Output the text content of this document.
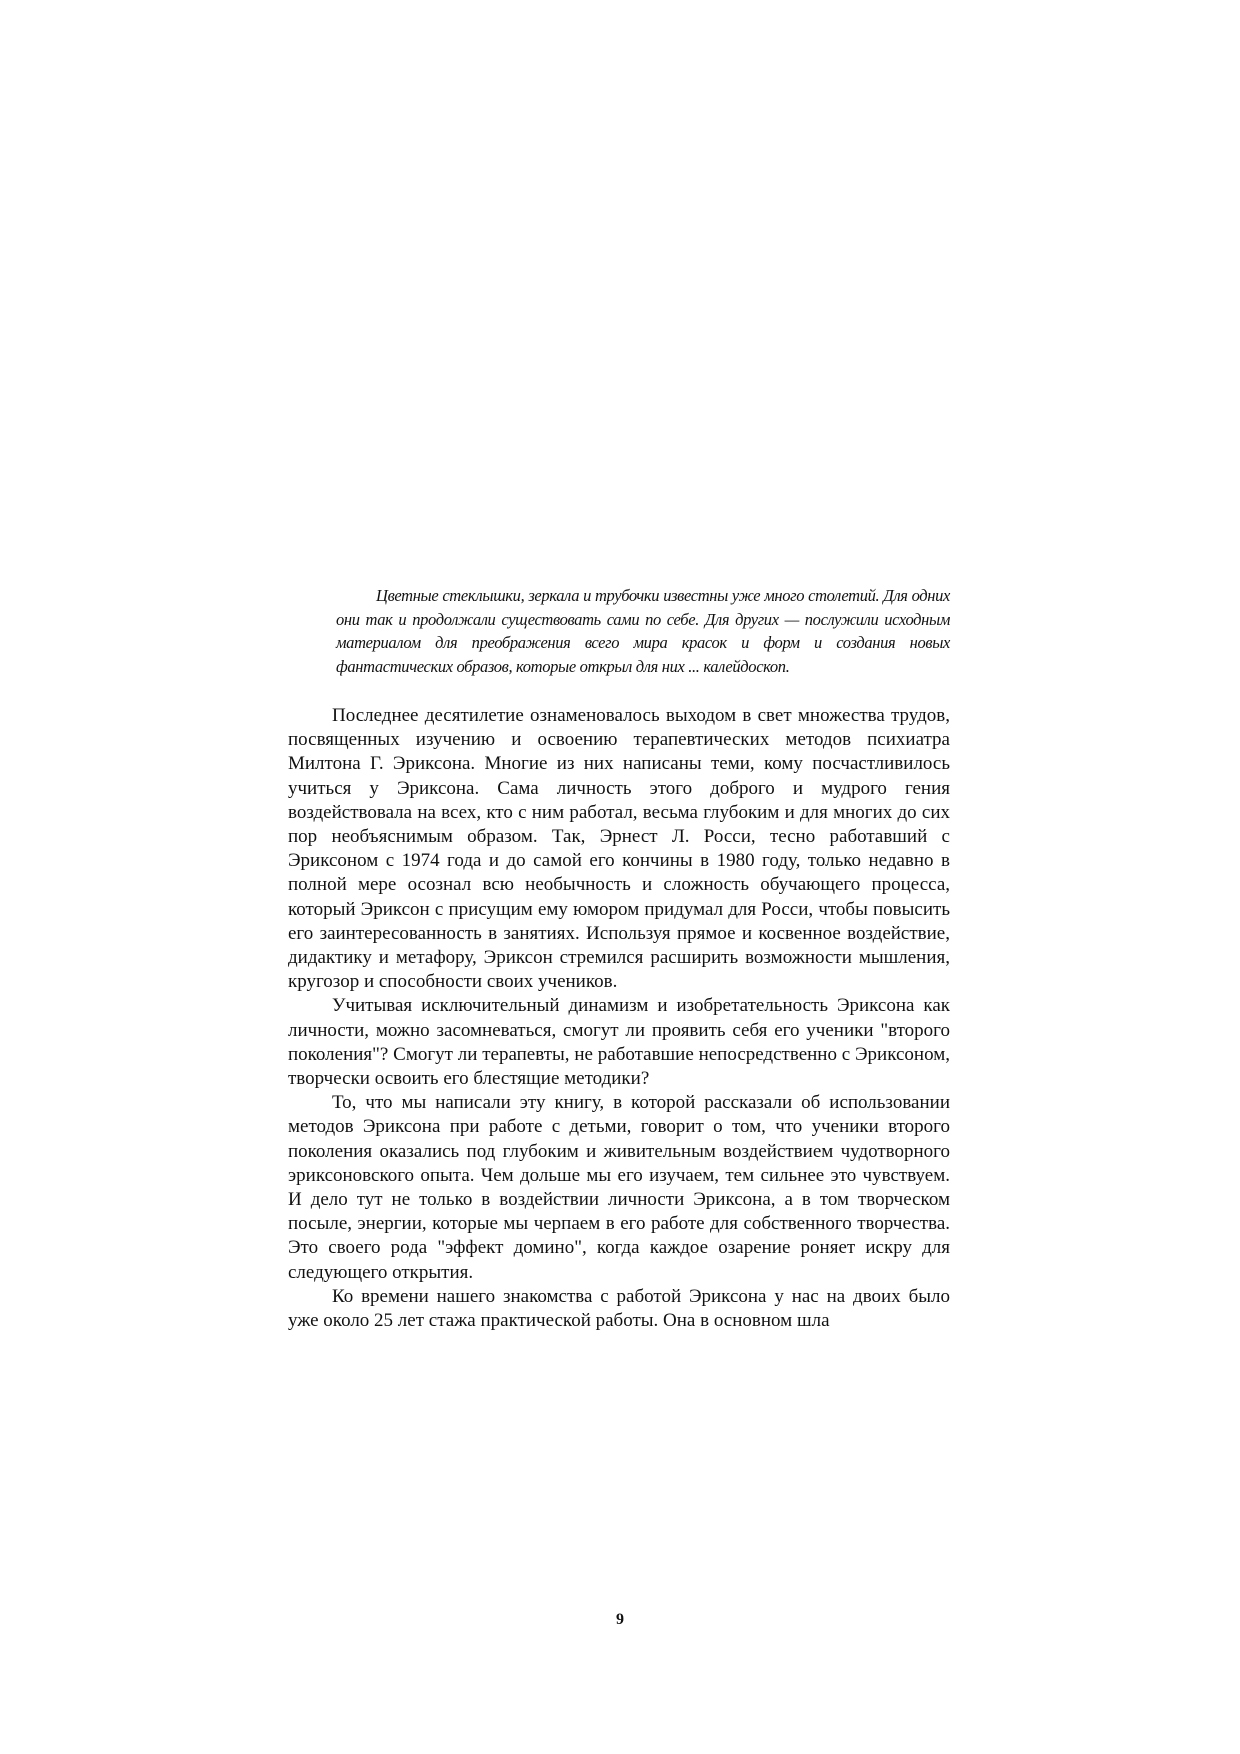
Цветные стеклышки, зеркала и трубочки известны уже много столетий. Для одних они так и продолжали существовать сами по себе. Для других — послужили исходным материалом для преображения всего мира красок и форм и создания новых фантастических образов, которые открыл для них ... калейдоскоп.

Последнее десятилетие ознаменовалось выходом в свет множества трудов, посвященных изучению и освоению терапевтических методов психиатра Милтона Г. Эриксона. Многие из них написаны теми, кому посчастливилось учиться у Эриксона. Сама личность этого доброго и мудрого гения воздействовала на всех, кто с ним работал, весьма глубоким и для многих до сих пор необъяснимым образом. Так, Эрнест Л. Росси, тесно работавший с Эриксоном с 1974 года и до самой его кончины в 1980 году, только недавно в полной мере осознал всю необычность и сложность обучающего процесса, который Эриксон с присущим ему юмором придумал для Росси, чтобы повысить его заинтересованность в занятиях. Используя прямое и косвенное воздействие, дидактику и метафору, Эриксон стремился расширить возможности мышления, кругозор и способности своих учеников.

Учитывая исключительный динамизм и изобретательность Эриксона как личности, можно засомневаться, смогут ли проявить себя его ученики "второго поколения"? Смогут ли терапевты, не работавшие непосредственно с Эриксоном, творчески освоить его блестящие методики?

То, что мы написали эту книгу, в которой рассказали об использовании методов Эриксона при работе с детьми, говорит о том, что ученики второго поколения оказались под глубоким и живительным воздействием чудотворного эриксоновского опыта. Чем дольше мы его изучаем, тем сильнее это чувствуем. И дело тут не только в воздействии личности Эриксона, а в том творческом посыле, энергии, которые мы черпаем в его работе для собственного творчества. Это своего рода "эффект домино", когда каждое озарение роняет искру для следующего открытия.

Ко времени нашего знакомства с работой Эриксона у нас на двоих было уже около 25 лет стажа практической работы. Она в основном шла

9
